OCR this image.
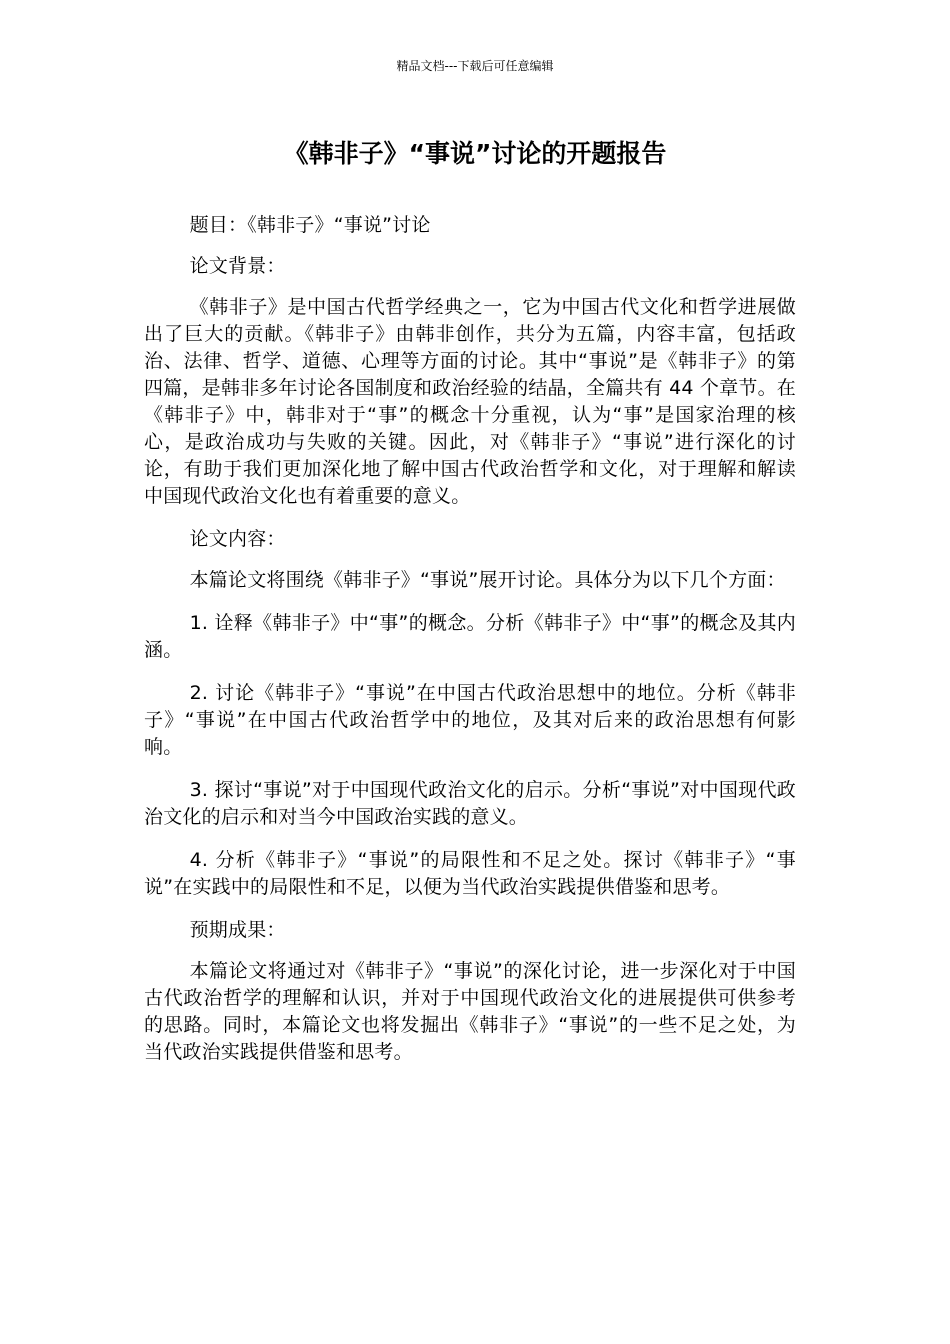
精品文档---下载后可任意编辑
《韩非子》“事说”讨论的开题报告

题目：《韩非子》“事说”讨论

论文背景：

《韩非子》是中国古代哲学经典之一，它为中国古代文化和哲学进展做出了巨大的贡献。《韩非子》由韩非创作，共分为五篇，内容丰富，包括政治、法律、哲学、道德、心理等方面的讨论。其中“事说”是《韩非子》的第四篇，是韩非多年讨论各国制度和政治经验的结晶，全篇共有 44 个章节。在《韩非子》中，韩非对于“事”的概念十分重视，认为“事”是国家治理的核心，是政治成功与失败的关键。因此，对《韩非子》“事说”进行深化的讨论，有助于我们更加深化地了解中国古代政治哲学和文化，对于理解和解读中国现代政治文化也有着重要的意义。

论文内容：

本篇论文将围绕《韩非子》“事说”展开讨论。具体分为以下几个方面：

1. 诠释《韩非子》中“事”的概念。分析《韩非子》中“事”的概念及其内涵。

2. 讨论《韩非子》“事说”在中国古代政治思想中的地位。分析《韩非子》“事说”在中国古代政治哲学中的地位，及其对后来的政治思想有何影响。

3. 探讨“事说”对于中国现代政治文化的启示。分析“事说”对中国现代政治文化的启示和对当今中国政治实践的意义。

4. 分析《韩非子》“事说”的局限性和不足之处。探讨《韩非子》“事说”在实践中的局限性和不足，以便为当代政治实践提供借鉴和思考。

预期成果：

本篇论文将通过对《韩非子》“事说”的深化讨论，进一步深化对于中国古代政治哲学的理解和认识，并对于中国现代政治文化的进展提供可供参考的思路。同时，本篇论文也将发掘出《韩非子》“事说”的一些不足之处，为当代政治实践提供借鉴和思考。
